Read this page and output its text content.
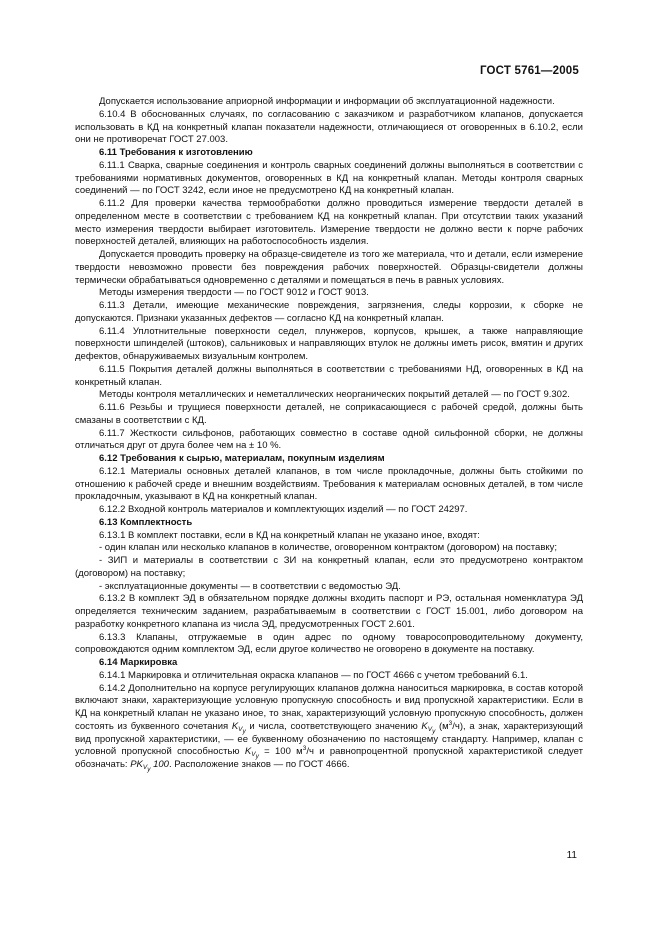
ГОСТ 5761—2005

Допускается использование априорной информации и информации об эксплуатационной надежности.

6.10.4 В обоснованных случаях, по согласованию с заказчиком и разработчиком клапанов, допускается использовать в КД на конкретный клапан показатели надежности, отличающиеся от оговоренных в 6.10.2, если они не противоречат ГОСТ 27.003.

6.11 Требования к изготовлению

6.11.1 Сварка, сварные соединения и контроль сварных соединений должны выполняться в соответствии с требованиями нормативных документов, оговоренных в КД на конкретный клапан. Методы контроля сварных соединений — по ГОСТ 3242, если иное не предусмотрено КД на конкретный клапан.

6.11.2 Для проверки качества термообработки должно проводиться измерение твердости деталей в определенном месте в соответствии с требованием КД на конкретный клапан. При отсутствии таких указаний место измерения твердости выбирает изготовитель. Измерение твердости не должно вести к порче рабочих поверхностей деталей, влияющих на работоспособность изделия.

Допускается проводить проверку на образце-свидетеле из того же материала, что и детали, если измерение твердости невозможно провести без повреждения рабочих поверхностей. Образцы-свидетели должны термически обрабатываться одновременно с деталями и помещаться в печь в равных условиях.

Методы измерения твердости — по ГОСТ 9012 и ГОСТ 9013.

6.11.3 Детали, имеющие механические повреждения, загрязнения, следы коррозии, к сборке не допускаются. Признаки указанных дефектов — согласно КД на конкретный клапан.

6.11.4 Уплотнительные поверхности седел, плунжеров, корпусов, крышек, а также направляющие поверхности шпинделей (штоков), сальниковых и направляющих втулок не должны иметь рисок, вмятин и других дефектов, обнаруживаемых визуальным контролем.

6.11.5 Покрытия деталей должны выполняться в соответствии с требованиями НД, оговоренных в КД на конкретный клапан.

Методы контроля металлических и неметаллических неорганических покрытий деталей — по ГОСТ 9.302.

6.11.6 Резьбы и трущиеся поверхности деталей, не соприкасающиеся с рабочей средой, должны быть смазаны в соответствии с КД.

6.11.7 Жесткости сильфонов, работающих совместно в составе одной сильфонной сборки, не должны отличаться друг от друга более чем на ± 10 %.

6.12 Требования к сырью, материалам, покупным изделиям

6.12.1 Материалы основных деталей клапанов, в том числе прокладочные, должны быть стойкими по отношению к рабочей среде и внешним воздействиям. Требования к материалам основных деталей, в том числе прокладочным, указывают в КД на конкретный клапан.

6.12.2 Входной контроль материалов и комплектующих изделий — по ГОСТ 24297.

6.13 Комплектность

6.13.1 В комплект поставки, если в КД на конкретный клапан не указано иное, входят:

- один клапан или несколько клапанов в количестве, оговоренном контрактом (договором) на поставку;

- ЗИП и материалы в соответствии с ЗИ на конкретный клапан, если это предусмотрено контрактом (договором) на поставку;

- эксплуатационные документы — в соответствии с ведомостью ЭД.

6.13.2 В комплект ЭД в обязательном порядке должны входить паспорт и РЭ, остальная номенклатура ЭД определяется техническим заданием, разрабатываемым в соответствии с ГОСТ 15.001, либо договором на разработку конкретного клапана из числа ЭД, предусмотренных ГОСТ 2.601.

6.13.3 Клапаны, отгружаемые в один адрес по одному товаросопроводительному документу, сопровождаются одним комплектом ЭД, если другое количество не оговорено в документе на поставку.

6.14 Маркировка

6.14.1 Маркировка и отличительная окраска клапанов — по ГОСТ 4666 с учетом требований 6.1.

6.14.2 Дополнительно на корпусе регулирующих клапанов должна наноситься маркировка, в состав которой включают знаки, характеризующие условную пропускную способность и вид пропускной характеристики. Если в КД на конкретный клапан не указано иное, то знак, характеризующий условную пропускную способность, должен состоять из буквенного сочетания $K_{V_y}$ и числа, соответствующего значению $K_{V_y}$ $(м^3/ч)$, а знак, характеризующий вид пропускной характеристики, — ее буквенному обозначению по настоящему стандарту. Например, клапан с условной пропускной способностью $K_{V_y} = 100$ $м^3/ч$ и равнопроцентной пропускной характеристикой следует обозначать: $PK_{V_y}$ 100. Расположение знаков — по ГОСТ 4666.

11
